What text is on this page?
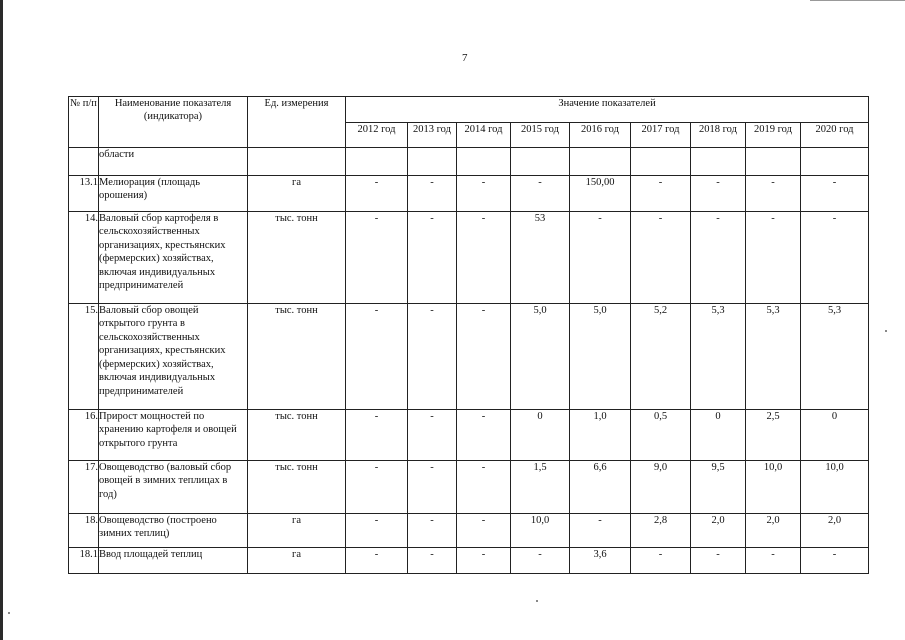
7
№ п/п	Наименование показателя (индикатора)	Ед. измерения	Значение показателей								
			2012 год	2013 год	2014 год	2015 год	2016 год	2017 год	2018 год	2019 год	2020 год
	области										
13.1	Мелиорация (площадь орошения)	га	-	-	-	-	150,00	-	-	-	-
14.	Валовый сбор картофеля в сельскохозяйственных организациях, крестьянских (фермерских) хозяйствах, включая индивидуальных предпринимателей	тыс. тонн	-	-	-	53	-	-	-	-	-
15.	Валовый сбор овощей открытого грунта в сельскохозяйственных организациях, крестьянских (фермерских) хозяйствах, включая индивидуальных предпринимателей	тыс. тонн	-	-	-	5,0	5,0	5,2	5,3	5,3	5,3
16.	Прирост мощностей по хранению картофеля и овощей открытого грунта	тыс. тонн	-	-	-	0	1,0	0,5	0	2,5	0
17.	Овощеводство (валовый сбор овощей в зимних теплицах в год)	тыс. тонн	-	-	-	1,5	6,6	9,0	9,5	10,0	10,0
18.	Овощеводство (построено зимних теплиц)	га	-	-	-	10,0	-	2,8	2,0	2,0	2,0
18.1	Ввод площадей теплиц	га	-	-	-	-	3,6	-	-	-	-
